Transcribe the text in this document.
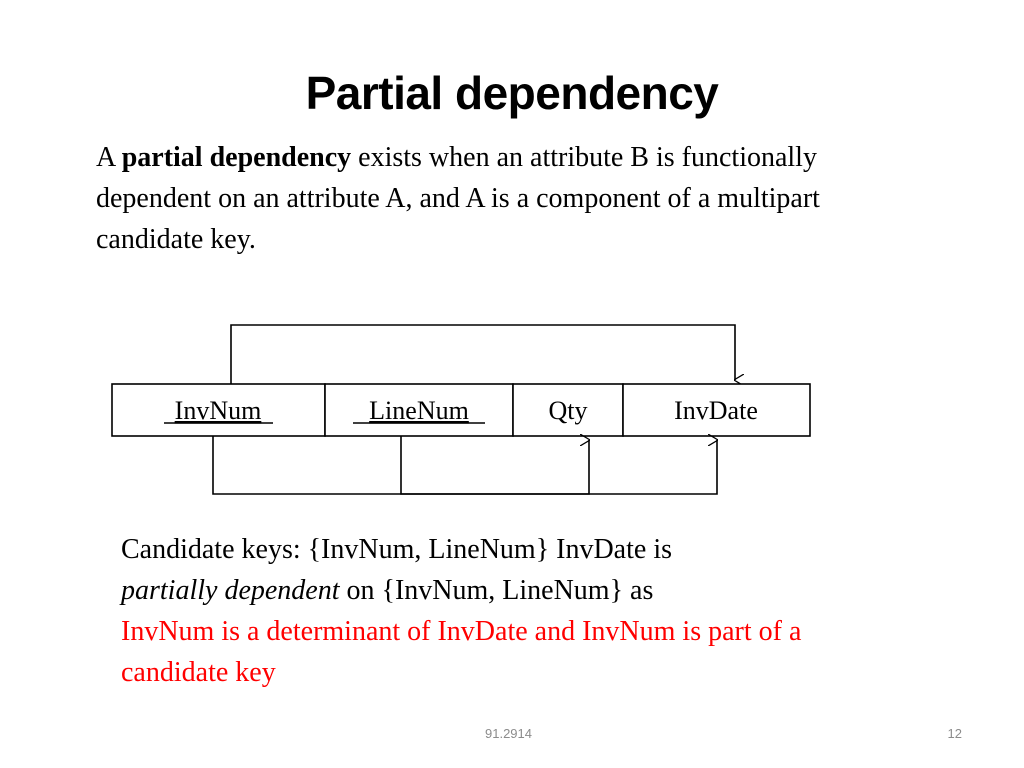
Partial dependency

A partial dependency exists when an attribute B is functionally dependent on an attribute A, and A is a component of a multipart candidate key.

InvNum	LineNum	Qty	InvDate

Candidate keys: {InvNum, LineNum} InvDate is
partially dependent on {InvNum, LineNum} as
InvNum is a determinant of InvDate and InvNum is part of a candidate key

91.2914	12
